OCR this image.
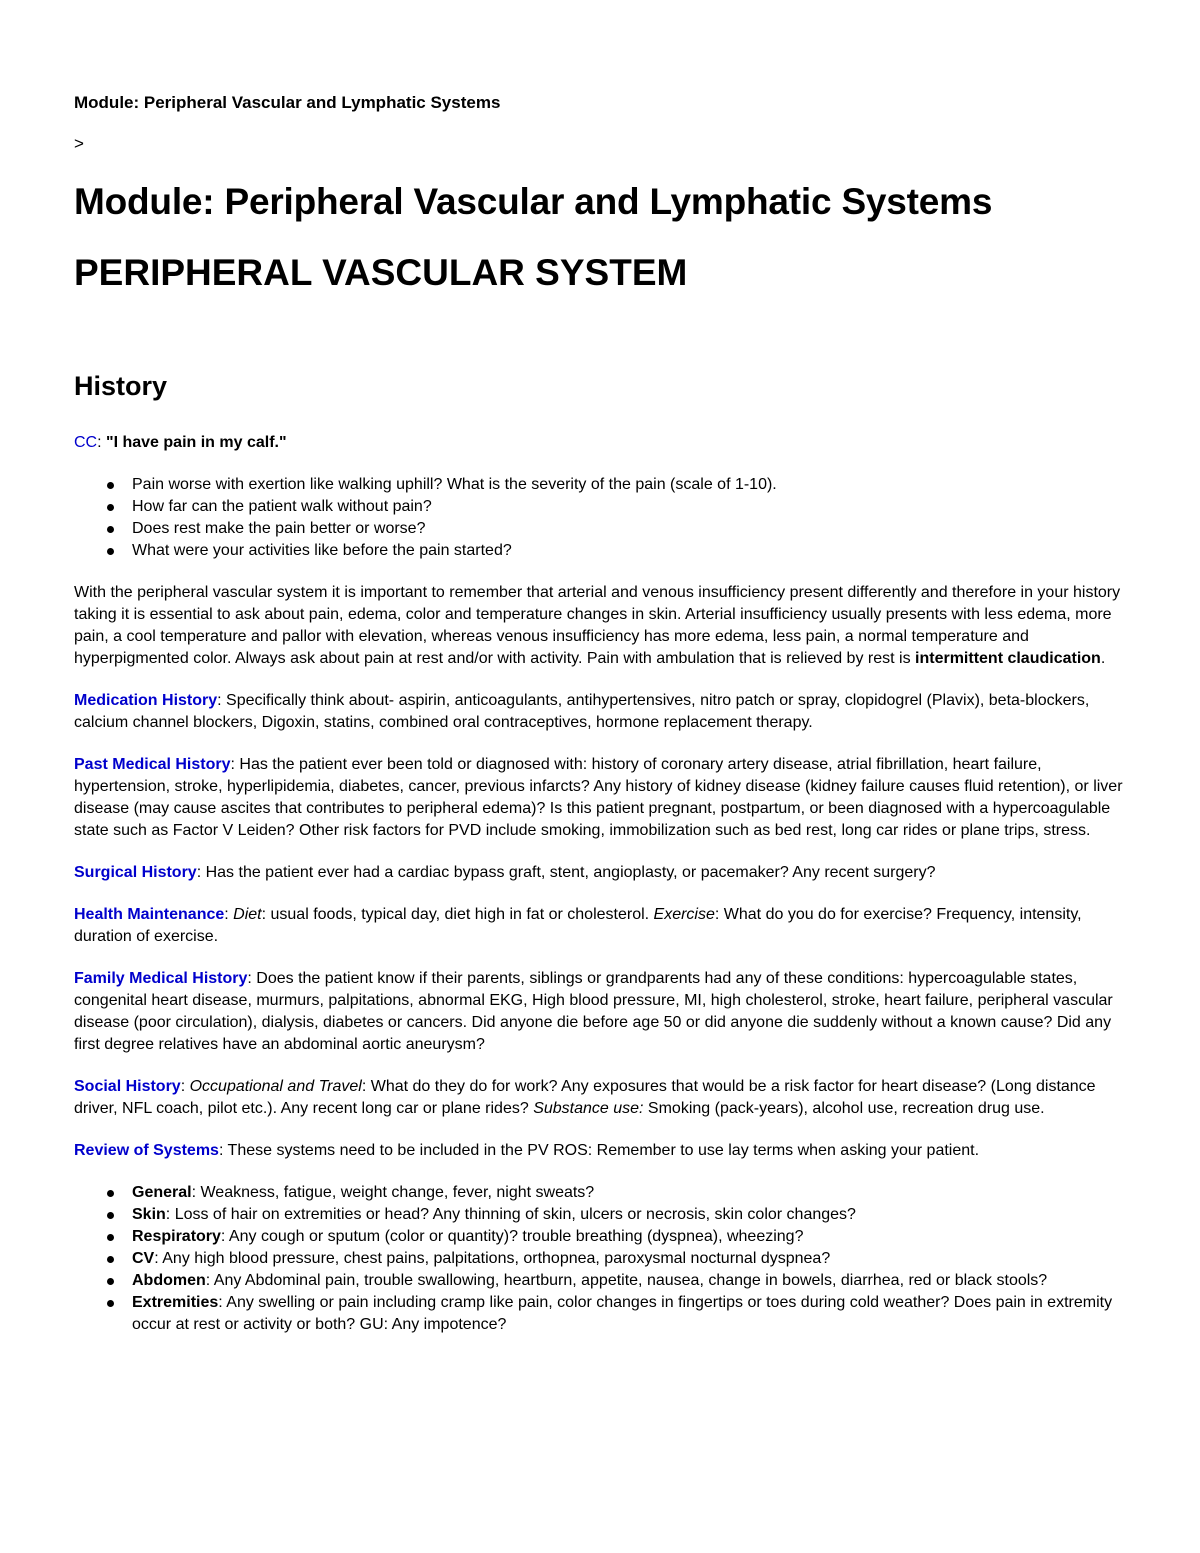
Module: Peripheral Vascular and Lymphatic Systems
>
Module: Peripheral Vascular and Lymphatic Systems
PERIPHERAL VASCULAR SYSTEM
History

CC: "I have pain in my calf."

Pain worse with exertion like walking uphill? What is the severity of the pain (scale of 1-10).
How far can the patient walk without pain?
Does rest make the pain better or worse?
What were your activities like before the pain started?

With the peripheral vascular system it is important to remember that arterial and venous insufficiency present differently and therefore in your history taking it is essential to ask about pain, edema, color and temperature changes in skin. Arterial insufficiency usually presents with less edema, more pain, a cool temperature and pallor with elevation, whereas venous insufficiency has more edema, less pain, a normal temperature and hyperpigmented color. Always ask about pain at rest and/or with activity. Pain with ambulation that is relieved by rest is intermittent claudication.

Medication History: Specifically think about- aspirin, anticoagulants, antihypertensives, nitro patch or spray, clopidogrel (Plavix), beta-blockers, calcium channel blockers, Digoxin, statins, combined oral contraceptives, hormone replacement therapy.

Past Medical History: Has the patient ever been told or diagnosed with: history of coronary artery disease, atrial fibrillation, heart failure, hypertension, stroke, hyperlipidemia, diabetes, cancer, previous infarcts? Any history of kidney disease (kidney failure causes fluid retention), or liver disease (may cause ascites that contributes to peripheral edema)? Is this patient pregnant, postpartum, or been diagnosed with a hypercoagulable state such as Factor V Leiden? Other risk factors for PVD include smoking, immobilization such as bed rest, long car rides or plane trips, stress.

Surgical History: Has the patient ever had a cardiac bypass graft, stent, angioplasty, or pacemaker? Any recent surgery?

Health Maintenance: Diet: usual foods, typical day, diet high in fat or cholesterol. Exercise: What do you do for exercise? Frequency, intensity, duration of exercise.

Family Medical History: Does the patient know if their parents, siblings or grandparents had any of these conditions: hypercoagulable states, congenital heart disease, murmurs, palpitations, abnormal EKG, High blood pressure, MI, high cholesterol, stroke, heart failure, peripheral vascular disease (poor circulation), dialysis, diabetes or cancers. Did anyone die before age 50 or did anyone die suddenly without a known cause? Did any first degree relatives have an abdominal aortic aneurysm?

Social History: Occupational and Travel: What do they do for work? Any exposures that would be a risk factor for heart disease? (Long distance driver, NFL coach, pilot etc.). Any recent long car or plane rides? Substance use: Smoking (pack-years), alcohol use, recreation drug use.

Review of Systems: These systems need to be included in the PV ROS: Remember to use lay terms when asking your patient.

General: Weakness, fatigue, weight change, fever, night sweats?
Skin: Loss of hair on extremities or head? Any thinning of skin, ulcers or necrosis, skin color changes?
Respiratory: Any cough or sputum (color or quantity)? trouble breathing (dyspnea), wheezing?
CV: Any high blood pressure, chest pains, palpitations, orthopnea, paroxysmal nocturnal dyspnea?
Abdomen: Any Abdominal pain, trouble swallowing, heartburn, appetite, nausea, change in bowels, diarrhea, red or black stools?
Extremities: Any swelling or pain including cramp like pain, color changes in fingertips or toes during cold weather? Does pain in extremity occur at rest or activity or both? GU: Any impotence?
